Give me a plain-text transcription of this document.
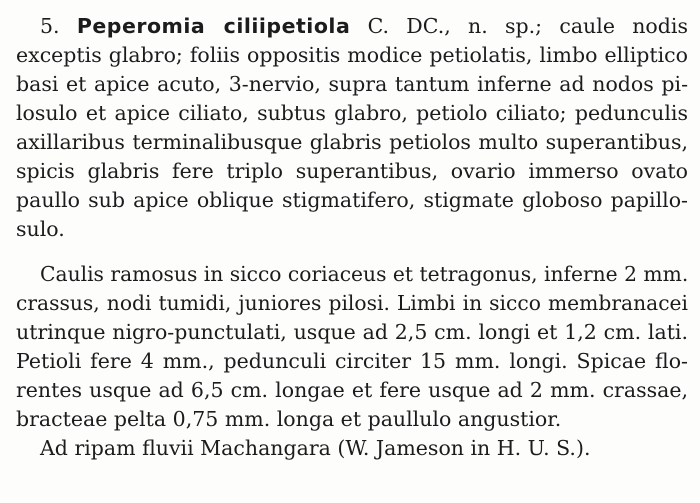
5. Peperomia ciliipetiola C. DC., n. sp.; caule nodis
exceptis glabro; foliis oppositis modice petiolatis, limbo elliptico
basi et apice acuto, 3-nervio, supra tantum inferne ad nodos pi-
losulo et apice ciliato, subtus glabro, petiolo ciliato; pedunculis
axillaribus terminalibusque glabris petiolos multo superantibus,
spicis glabris fere triplo superantibus, ovario immerso ovato
paullo sub apice oblique stigmatifero, stigmate globoso papillo-
sulo.
Caulis ramosus in sicco coriaceus et tetragonus, inferne 2 mm.
crassus, nodi tumidi, juniores pilosi. Limbi in sicco membranacei
utrinque nigro-punctulati, usque ad 2,5 cm. longi et 1,2 cm. lati.
Petioli fere 4 mm., pedunculi circiter 15 mm. longi. Spicae flo-
rentes usque ad 6,5 cm. longae et fere usque ad 2 mm. crassae,
bracteae pelta 0,75 mm. longa et paullulo angustior.
Ad ripam fluvii Machangara (W. Jameson in H. U. S.).
